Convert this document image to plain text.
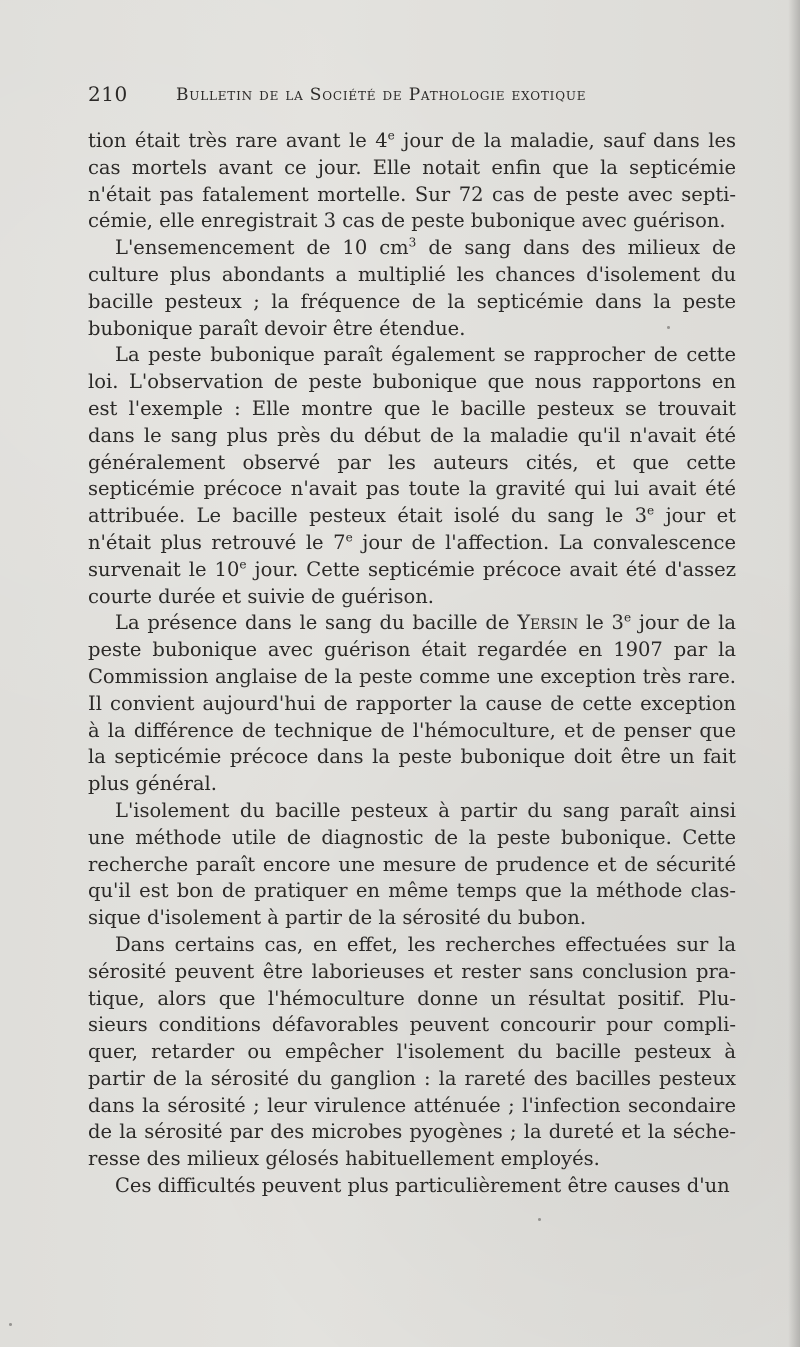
210	Bulletin de la Société de Pathologie exotique

tion était très rare avant le 4e jour de la maladie, sauf dans les cas mortels avant ce jour. Elle notait enfin que la septicémie n'était pas fatalement mortelle. Sur 72 cas de peste avec septicémie, elle enregistrait 3 cas de peste bubonique avec guérison.

L'ensemencement de 10 $cm^3$ de sang dans des milieux de culture plus abondants a multiplié les chances d'isolement du bacille pesteux ; la fréquence de la septicémie dans la peste bubonique paraît devoir être étendue.

La peste bubonique paraît également se rapprocher de cette loi. L'observation de peste bubonique que nous rapportons en est l'exemple : Elle montre que le bacille pesteux se trouvait dans le sang plus près du début de la maladie qu'il n'avait été généralement observé par les auteurs cités, et que cette septicémie précoce n'avait pas toute la gravité qui lui avait été attribuée. Le bacille pesteux était isolé du sang le 3e jour et n'était plus retrouvé le 7e jour de l'affection. La convalescence survenait le 10e jour. Cette septicémie précoce avait été d'assez courte durée et suivie de guérison.

La présence dans le sang du bacille de Yersin le 3e jour de la peste bubonique avec guérison était regardée en 1907 par la Commission anglaise de la peste comme une exception très rare. Il convient aujourd'hui de rapporter la cause de cette exception à la différence de technique de l'hémoculture, et de penser que la septicémie précoce dans la peste bubonique doit être un fait plus général.

L'isolement du bacille pesteux à partir du sang paraît ainsi une méthode utile de diagnostic de la peste bubonique. Cette recherche paraît encore une mesure de prudence et de sécurité qu'il est bon de pratiquer en même temps que la méthode classique d'isolement à partir de la sérosité du bubon.

Dans certains cas, en effet, les recherches effectuées sur la sérosité peuvent être laborieuses et rester sans conclusion pratique, alors que l'hémoculture donne un résultat positif. Plusieurs conditions défavorables peuvent concourir pour compliquer, retarder ou empêcher l'isolement du bacille pesteux à partir de la sérosité du ganglion : la rareté des bacilles pesteux dans la sérosité ; leur virulence atténuée ; l'infection secondaire de la sérosité par des microbes pyogènes ; la dureté et la sécheresse des milieux gélosés habituellement employés.

Ces difficultés peuvent plus particulièrement être causes d'un
